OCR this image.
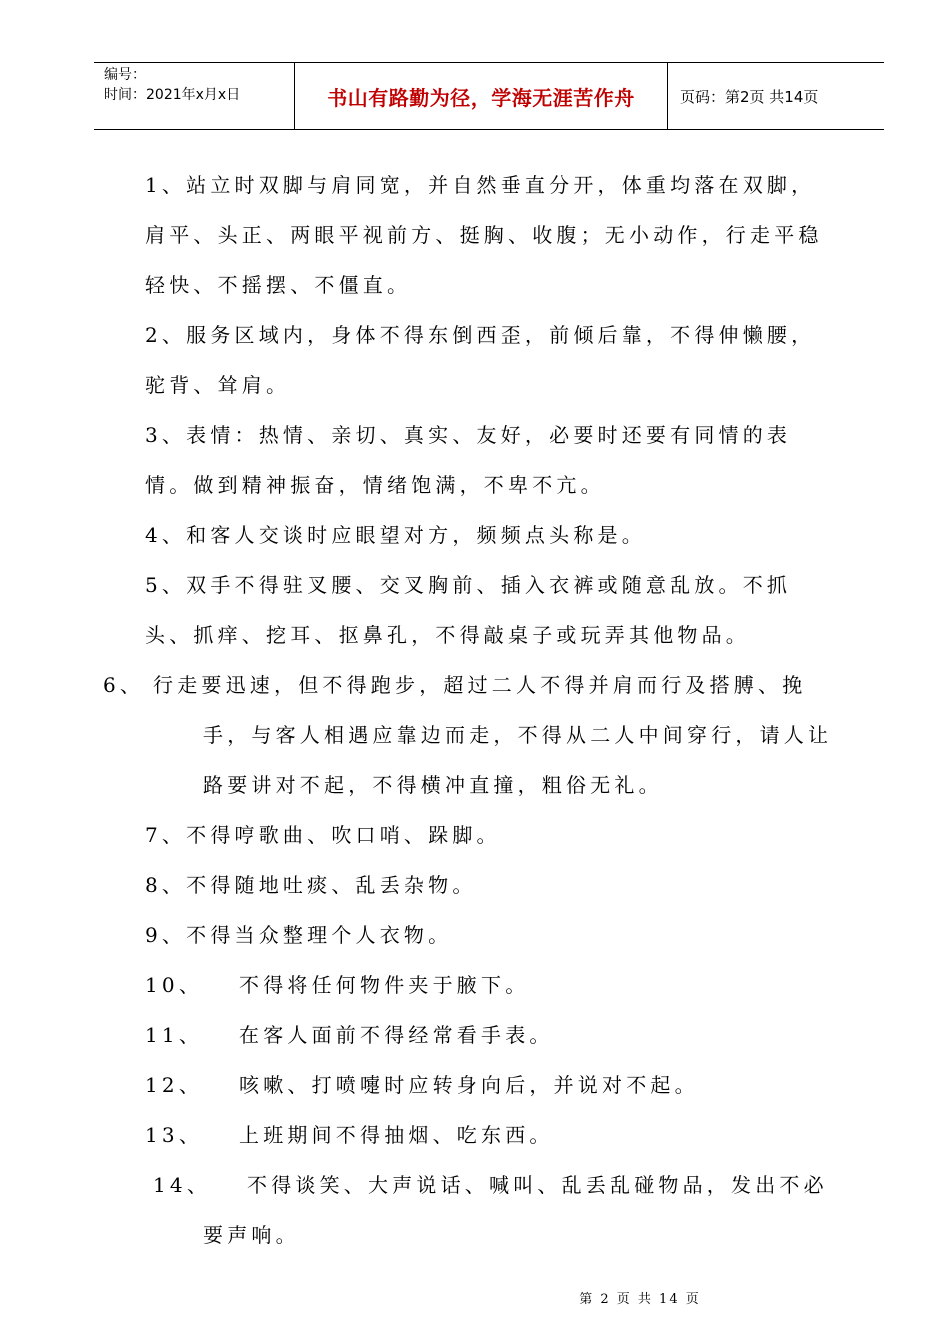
编号：
时间：2021年x月x日	书山有路勤为径，学海无涯苦作舟	页码：第2页 共14页
1、站立时双脚与肩同宽，并自然垂直分开，体重均落在双脚，肩平、头正、两眼平视前方、挺胸、收腹；无小动作，行走平稳轻快、不摇摆、不僵直。
2、服务区域内，身体不得东倒西歪，前倾后靠，不得伸懒腰，驼背、耸肩。
3、表情：热情、亲切、真实、友好，必要时还要有同情的表情。做到精神振奋，情绪饱满，不卑不亢。
4、和客人交谈时应眼望对方，频频点头称是。
5、双手不得驻叉腰、交叉胸前、插入衣裤或随意乱放。不抓头、抓痒、挖耳、抠鼻孔，不得敲桌子或玩弄其他物品。
6、 行走要迅速，但不得跑步，超过二人不得并肩而行及搭膊、挽手，与客人相遇应靠边而走，不得从二人中间穿行，请人让路要讲对不起，不得横冲直撞，粗俗无礼。
7、不得哼歌曲、吹口哨、跺脚。
8、不得随地吐痰、乱丢杂物。
9、不得当众整理个人衣物。
10、 不得将任何物件夹于腋下。
11、 在客人面前不得经常看手表。
12、 咳嗽、打喷嚏时应转身向后，并说对不起。
13、 上班期间不得抽烟、吃东西。
14、 不得谈笑、大声说话、喊叫、乱丢乱碰物品，发出不必要声响。
第 2 页 共 14 页
